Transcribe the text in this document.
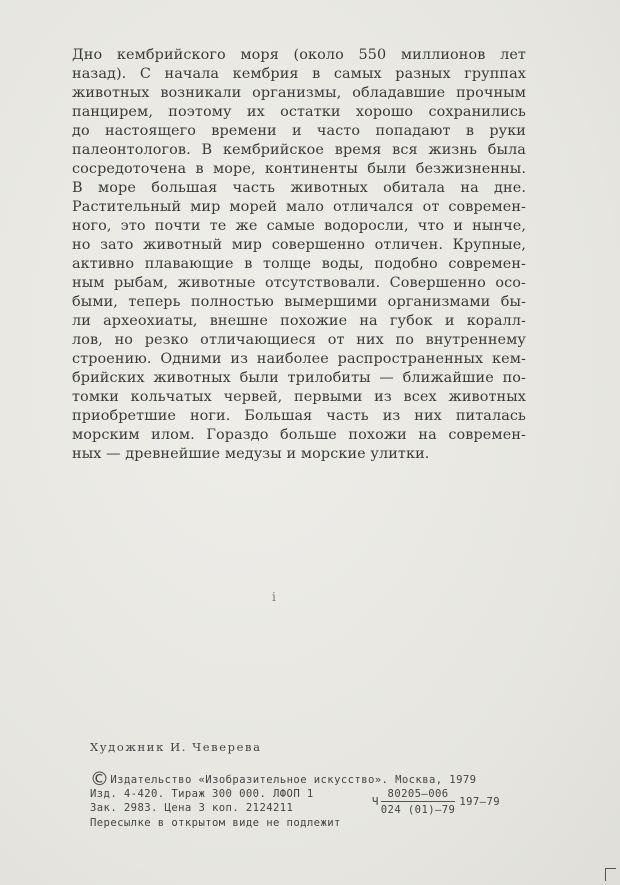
Дно кембрийского моря (около 550 миллионов лет
назад). С начала кембрия в самых разных группах
животных возникали организмы, обладавшие прочным
панцирем, поэтому их остатки хорошо сохранились
до настоящего времени и часто попадают в руки
палеонтологов. В кембрийское время вся жизнь была
сосредоточена в море, континенты были безжизненны.
В море большая часть животных обитала на дне.
Растительный мир морей мало отличался от современ-
ного, это почти те же самые водоросли, что и нынче,
но зато животный мир совершенно отличен. Крупные,
активно плавающие в толще воды, подобно современ-
ным рыбам, животные отсутствовали. Совершенно осо-
быми, теперь полностью вымершими организмами бы-
ли археохиаты, внешне похожие на губок и коралл-
лов, но резко отличающиеся от них по внутреннему
строению. Одними из наиболее распространенных кем-
брийских животных были трилобиты — ближайшие по-
томки кольчатых червей, первыми из всех животных
приобретшие ноги. Большая часть из них питалась
морским илом. Гораздо больше похожи на современ-
ных — древнейшие медузы и морские улитки.
ⅰ
Художник И. Чеверева
©Издательство «Изобразительное искусство». Москва, 1979
Изд. 4-420. Тираж 300 000. ЛФОП 1
Зак. 2983. Цена 3 коп. 2124211
Пересылке в открытом виде не подлежит
Ч $\frac{80205—006}{024 (01)—79}$ 197—79
